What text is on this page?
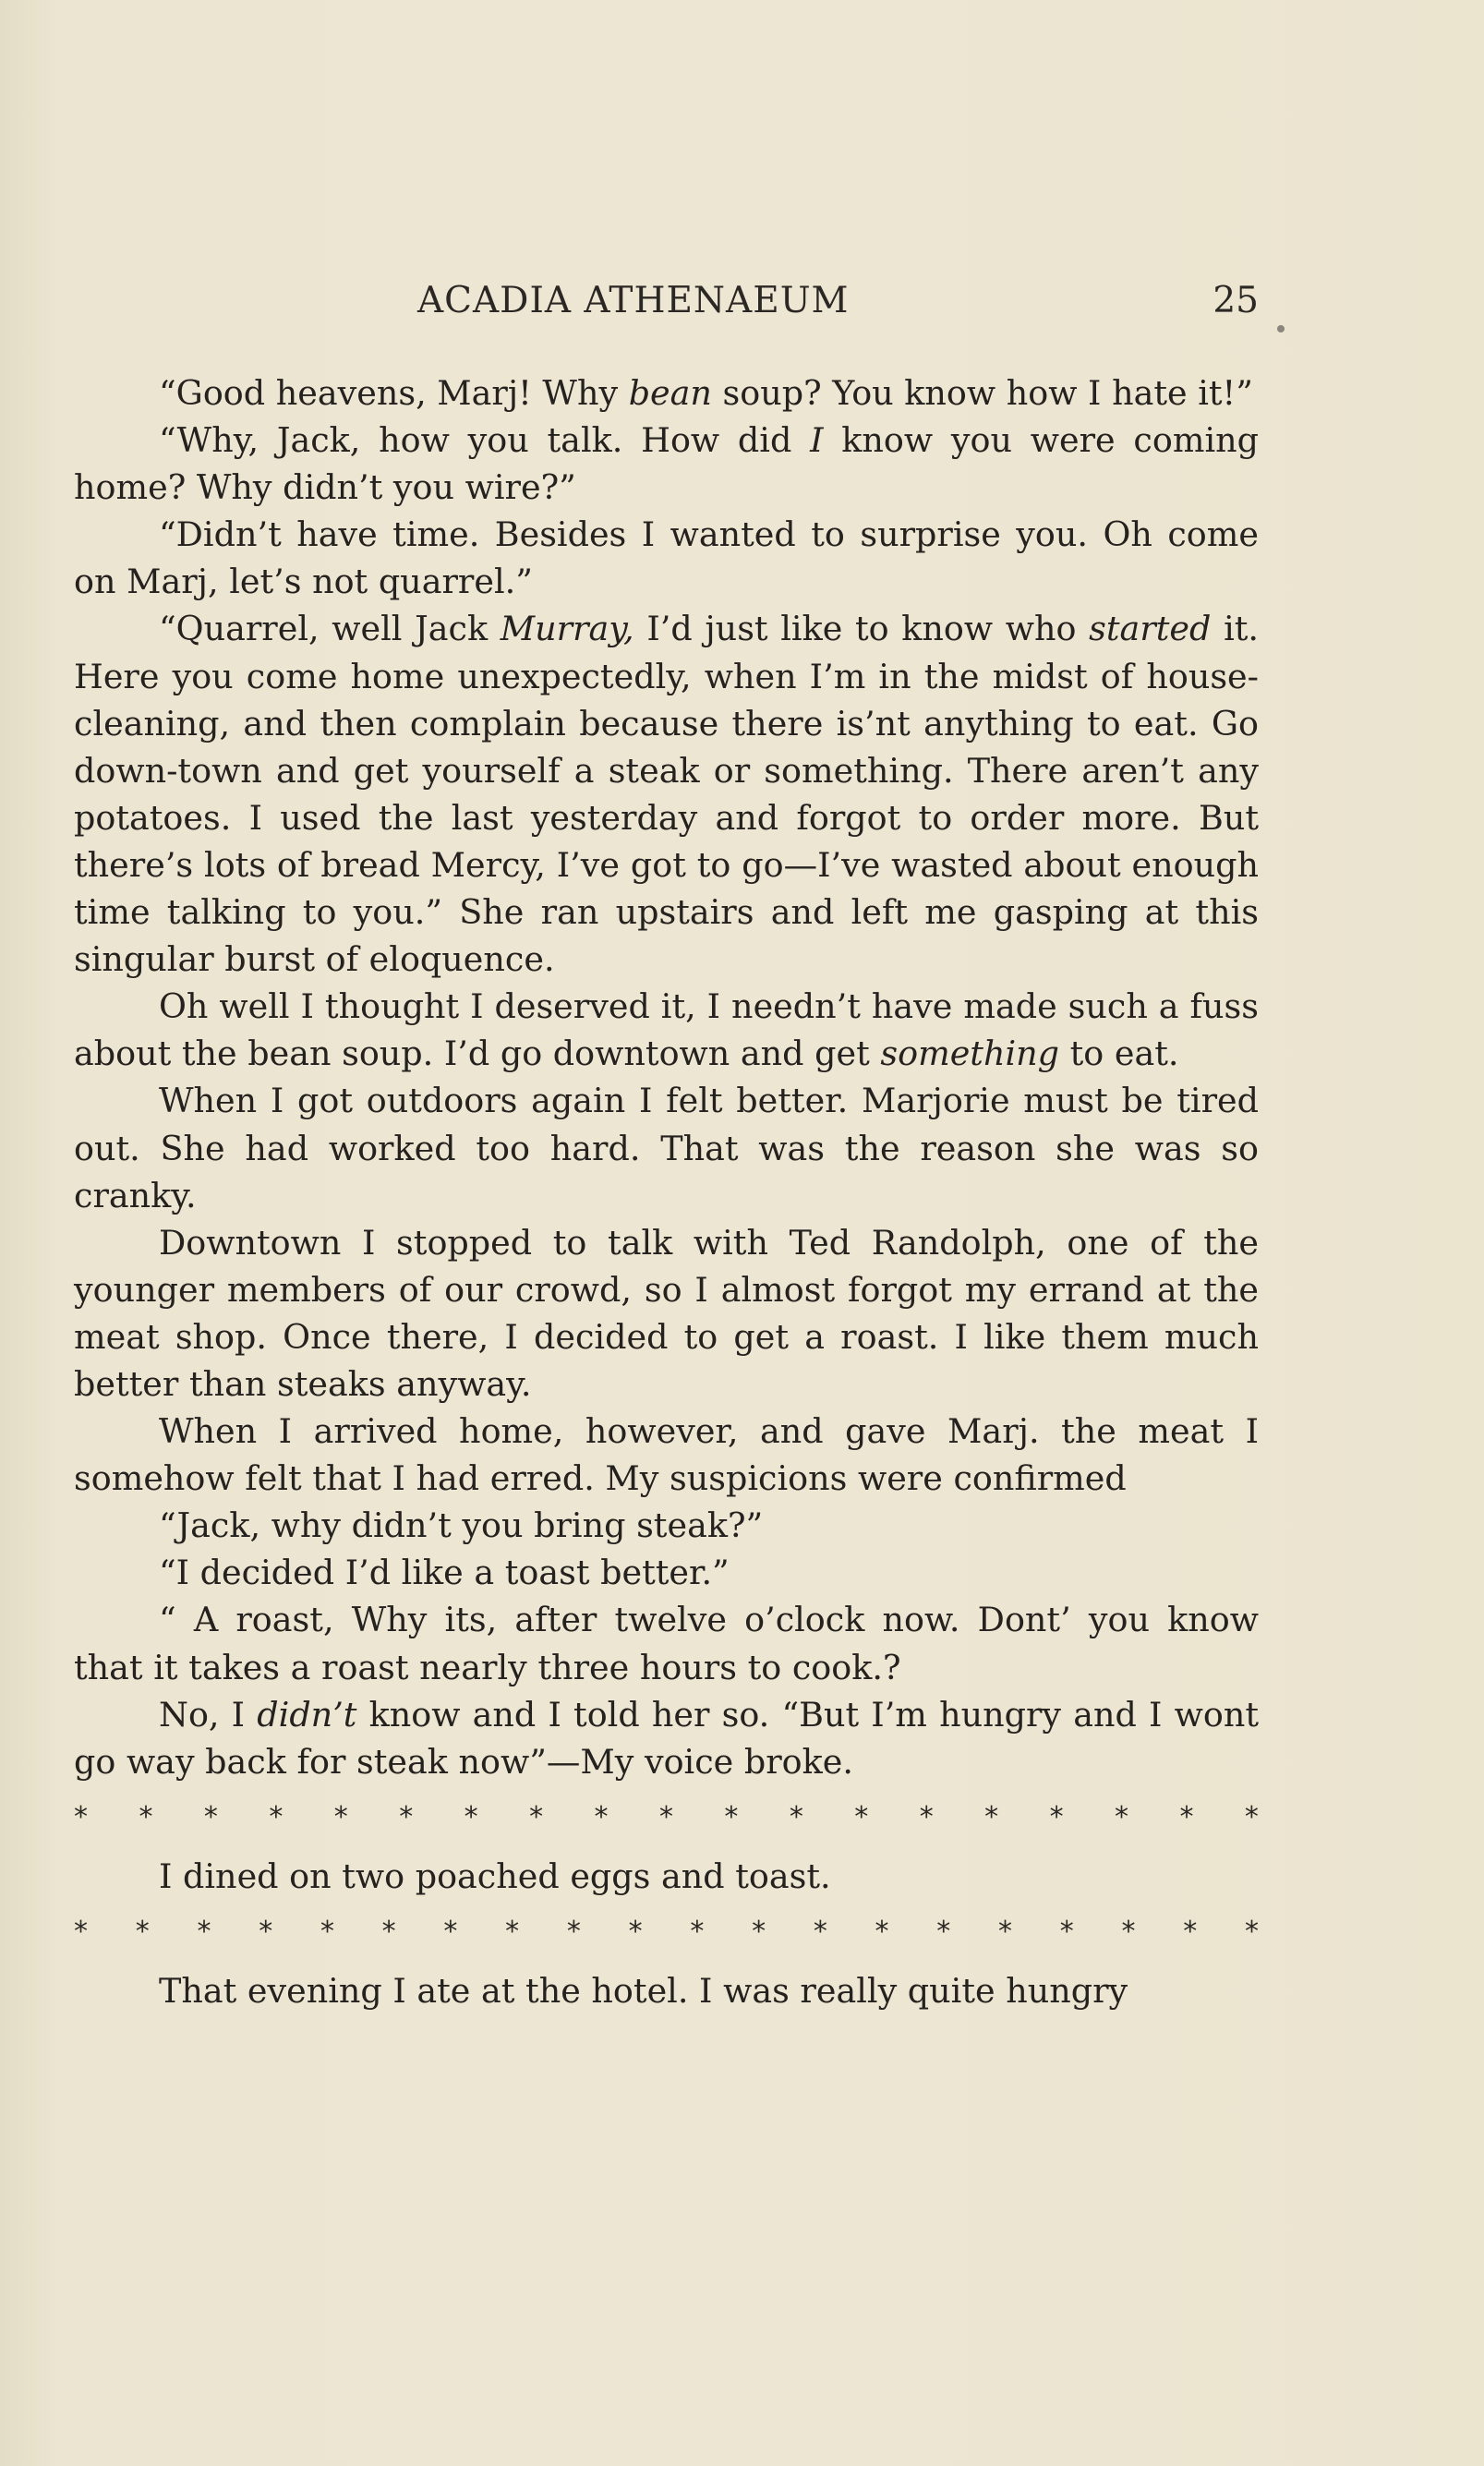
ACADIA ATHENAEUM	25

“Good heavens, Marj! Why bean soup? You know how I hate it!”

“Why, Jack, how you talk. How did I know you were coming home? Why didn’t you wire?”

“Didn’t have time. Besides I wanted to surprise you. Oh come on Marj, let’s not quarrel.”

“Quarrel, well Jack Murray, I’d just like to know who started it. Here you come home unexpectedly, when I’m in the midst of house-cleaning, and then complain because there is’nt anything to eat. Go down-town and get yourself a steak or something. There aren’t any potatoes. I used the last yesterday and forgot to order more. But there’s lots of bread Mercy, I’ve got to go—I’ve wasted about enough time talking to you.” She ran upstairs and left me gasping at this singular burst of eloquence.

Oh well I thought I deserved it, I needn’t have made such a fuss about the bean soup. I’d go downtown and get something to eat.

When I got outdoors again I felt better. Marjorie must be tired out. She had worked too hard. That was the reason she was so cranky.

Downtown I stopped to talk with Ted Randolph, one of the younger members of our crowd, so I almost forgot my errand at the meat shop. Once there, I decided to get a roast. I like them much better than steaks anyway.

When I arrived home, however, and gave Marj. the meat I somehow felt that I had erred. My suspicions were confirmed

“Jack, why didn’t you bring steak?”

“I decided I’d like a toast better.”

“ A roast, Why its, after twelve o’clock now. Dont’ you know that it takes a roast nearly three hours to cook.?

No, I didn’t know and I told her so. “But I’m hungry and I wont go way back for steak now”—My voice broke.

* * * * * * * * * * * * * * * * * * *

I dined on two poached eggs and toast.

* * * * * * * * * * * * * * * * * * * *

That evening I ate at the hotel. I was really quite hungry
